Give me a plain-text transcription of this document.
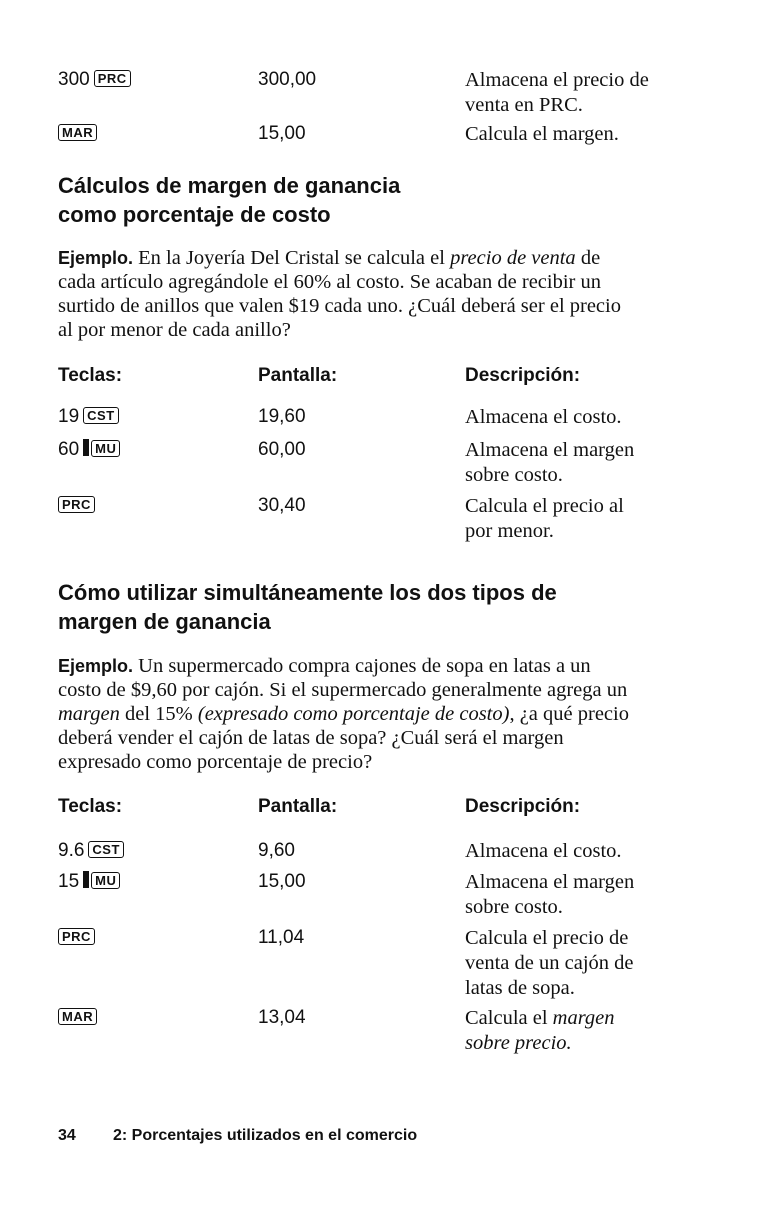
300 PRC	300,00	Almacena el precio de
venta en PRC.
MAR	15,00	Calcula el margen.
Cálculos de margen de ganancia
como porcentaje de costo
Ejemplo. En la Joyería Del Cristal se calcula el precio de venta de
cada artículo agregándole el 60% al costo. Se acaban de recibir un
surtido de anillos que valen $19 cada uno. ¿Cuál deberá ser el precio
al por menor de cada anillo?
Teclas:	Pantalla:	Descripción:
19 CST	19,60	Almacena el costo.
60 MU	60,00	Almacena el margen
sobre costo.
PRC	30,40	Calcula el precio al
por menor.
Cómo utilizar simultáneamente los dos tipos de
margen de ganancia
Ejemplo. Un supermercado compra cajones de sopa en latas a un
costo de $9,60 por cajón. Si el supermercado generalmente agrega un
margen del 15% (expresado como porcentaje de costo), ¿a qué precio
deberá vender el cajón de latas de sopa? ¿Cuál será el margen
expresado como porcentaje de precio?
Teclas:	Pantalla:	Descripción:
9.6 CST	9,60	Almacena el costo.
15 MU	15,00	Almacena el margen
sobre costo.
PRC	11,04	Calcula el precio de
venta de un cajón de
latas de sopa.
MAR	13,04	Calcula el margen
sobre precio.
34 2: Porcentajes utilizados en el comercio
